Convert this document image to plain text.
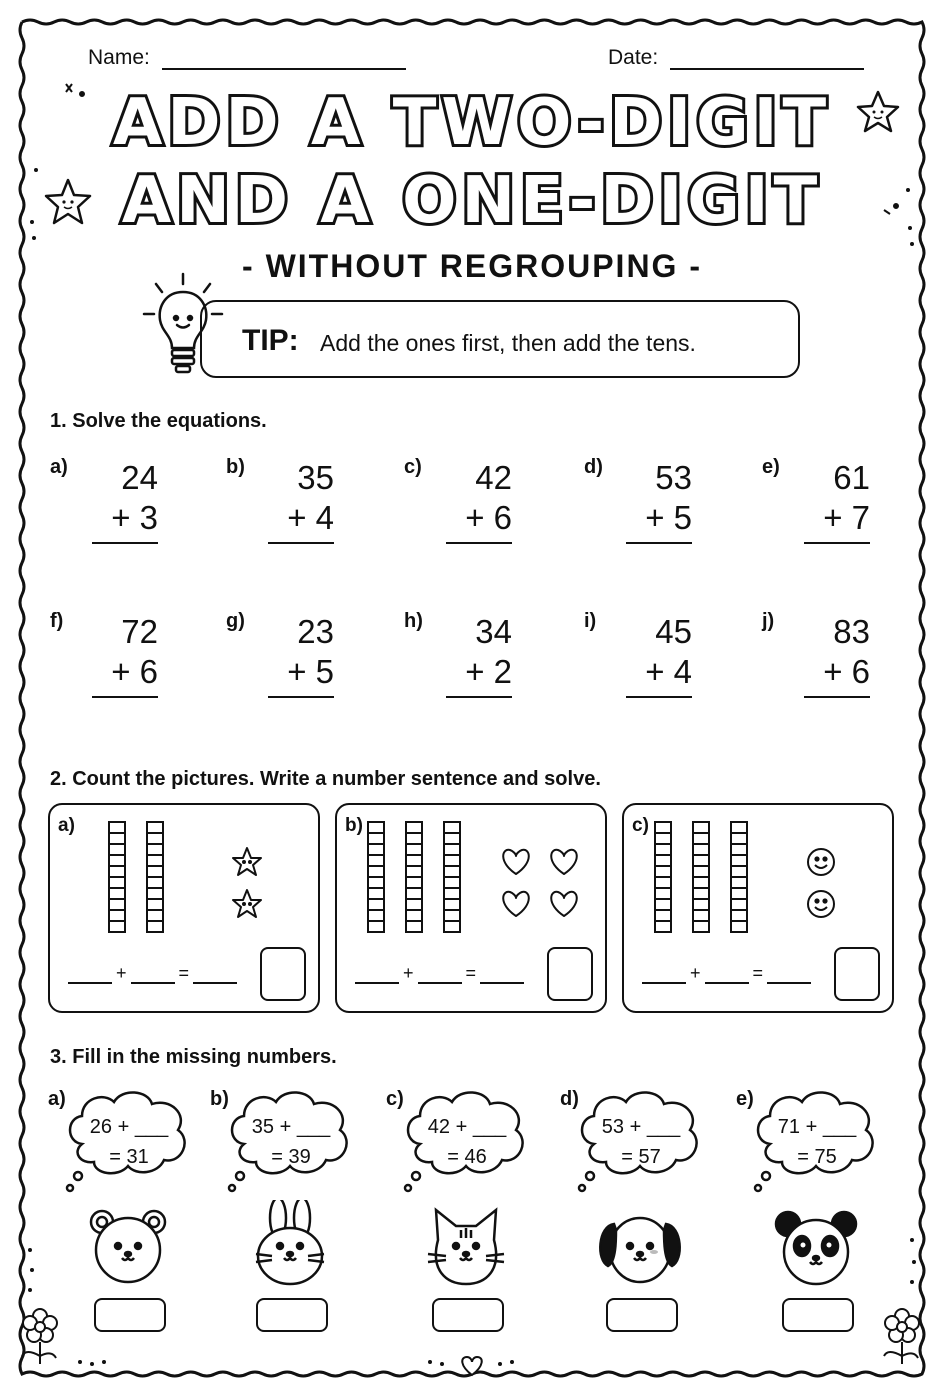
Name:	Date:
ADD A TWO-DIGIT
AND A ONE-DIGIT
- WITHOUT REGROUPING -
TIP: Add the ones first, then add the tens.
1. Solve the equations.
a)	24
+ 3
b)	35
+ 4
c)	42
+ 6
d)	53
+ 5
e)	61
+ 7
f)	72
+ 6
g)	23
+ 5
h)	34
+ 2
i)	45
+ 4
j)	83
+ 6
2. Count the pictures. Write a number sentence and solve.
a)
+	=
b)
+	=
c)
+	=
3. Fill in the missing numbers.
a)
26 + ___
= 31
b)
35 + ___
= 39
c)
42 + ___
= 46
d)
53 + ___
= 57
e)
71 + ___
= 75
